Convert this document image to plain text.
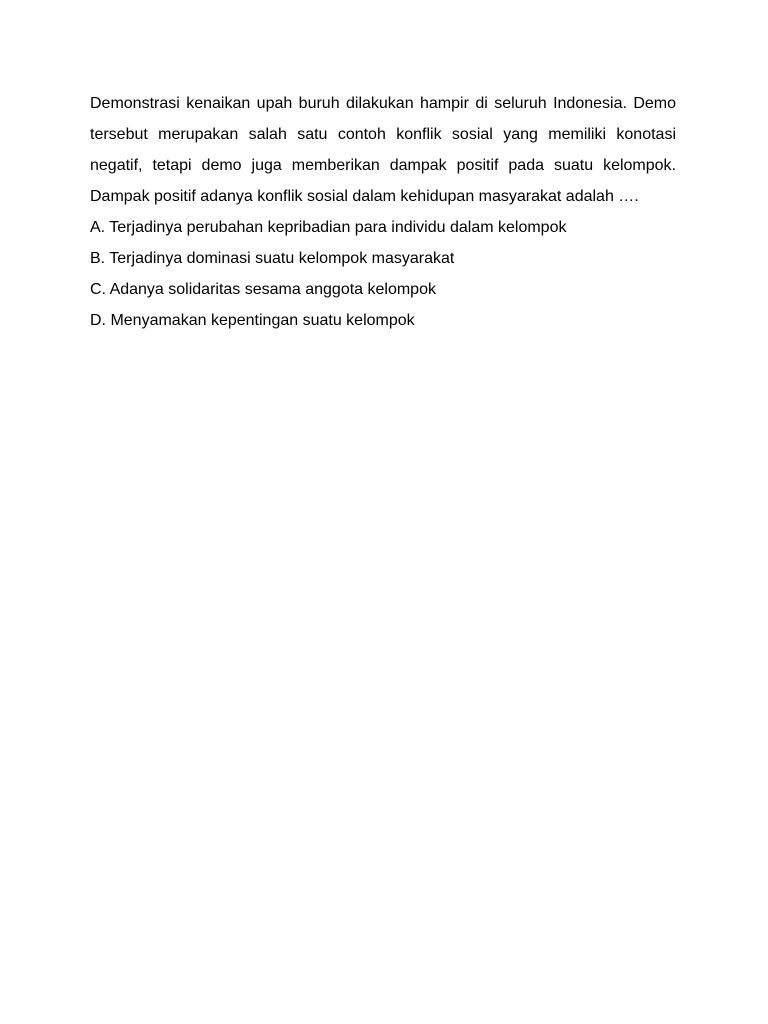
Demonstrasi kenaikan upah buruh dilakukan hampir di seluruh Indonesia. Demo tersebut merupakan salah satu contoh konflik sosial yang memiliki konotasi negatif, tetapi demo juga memberikan dampak positif pada suatu kelompok. Dampak positif adanya konflik sosial dalam kehidupan masyarakat adalah ….

A. Terjadinya perubahan kepribadian para individu dalam kelompok
B. Terjadinya dominasi suatu kelompok masyarakat
C. Adanya solidaritas sesama anggota kelompok
D. Menyamakan kepentingan suatu kelompok
